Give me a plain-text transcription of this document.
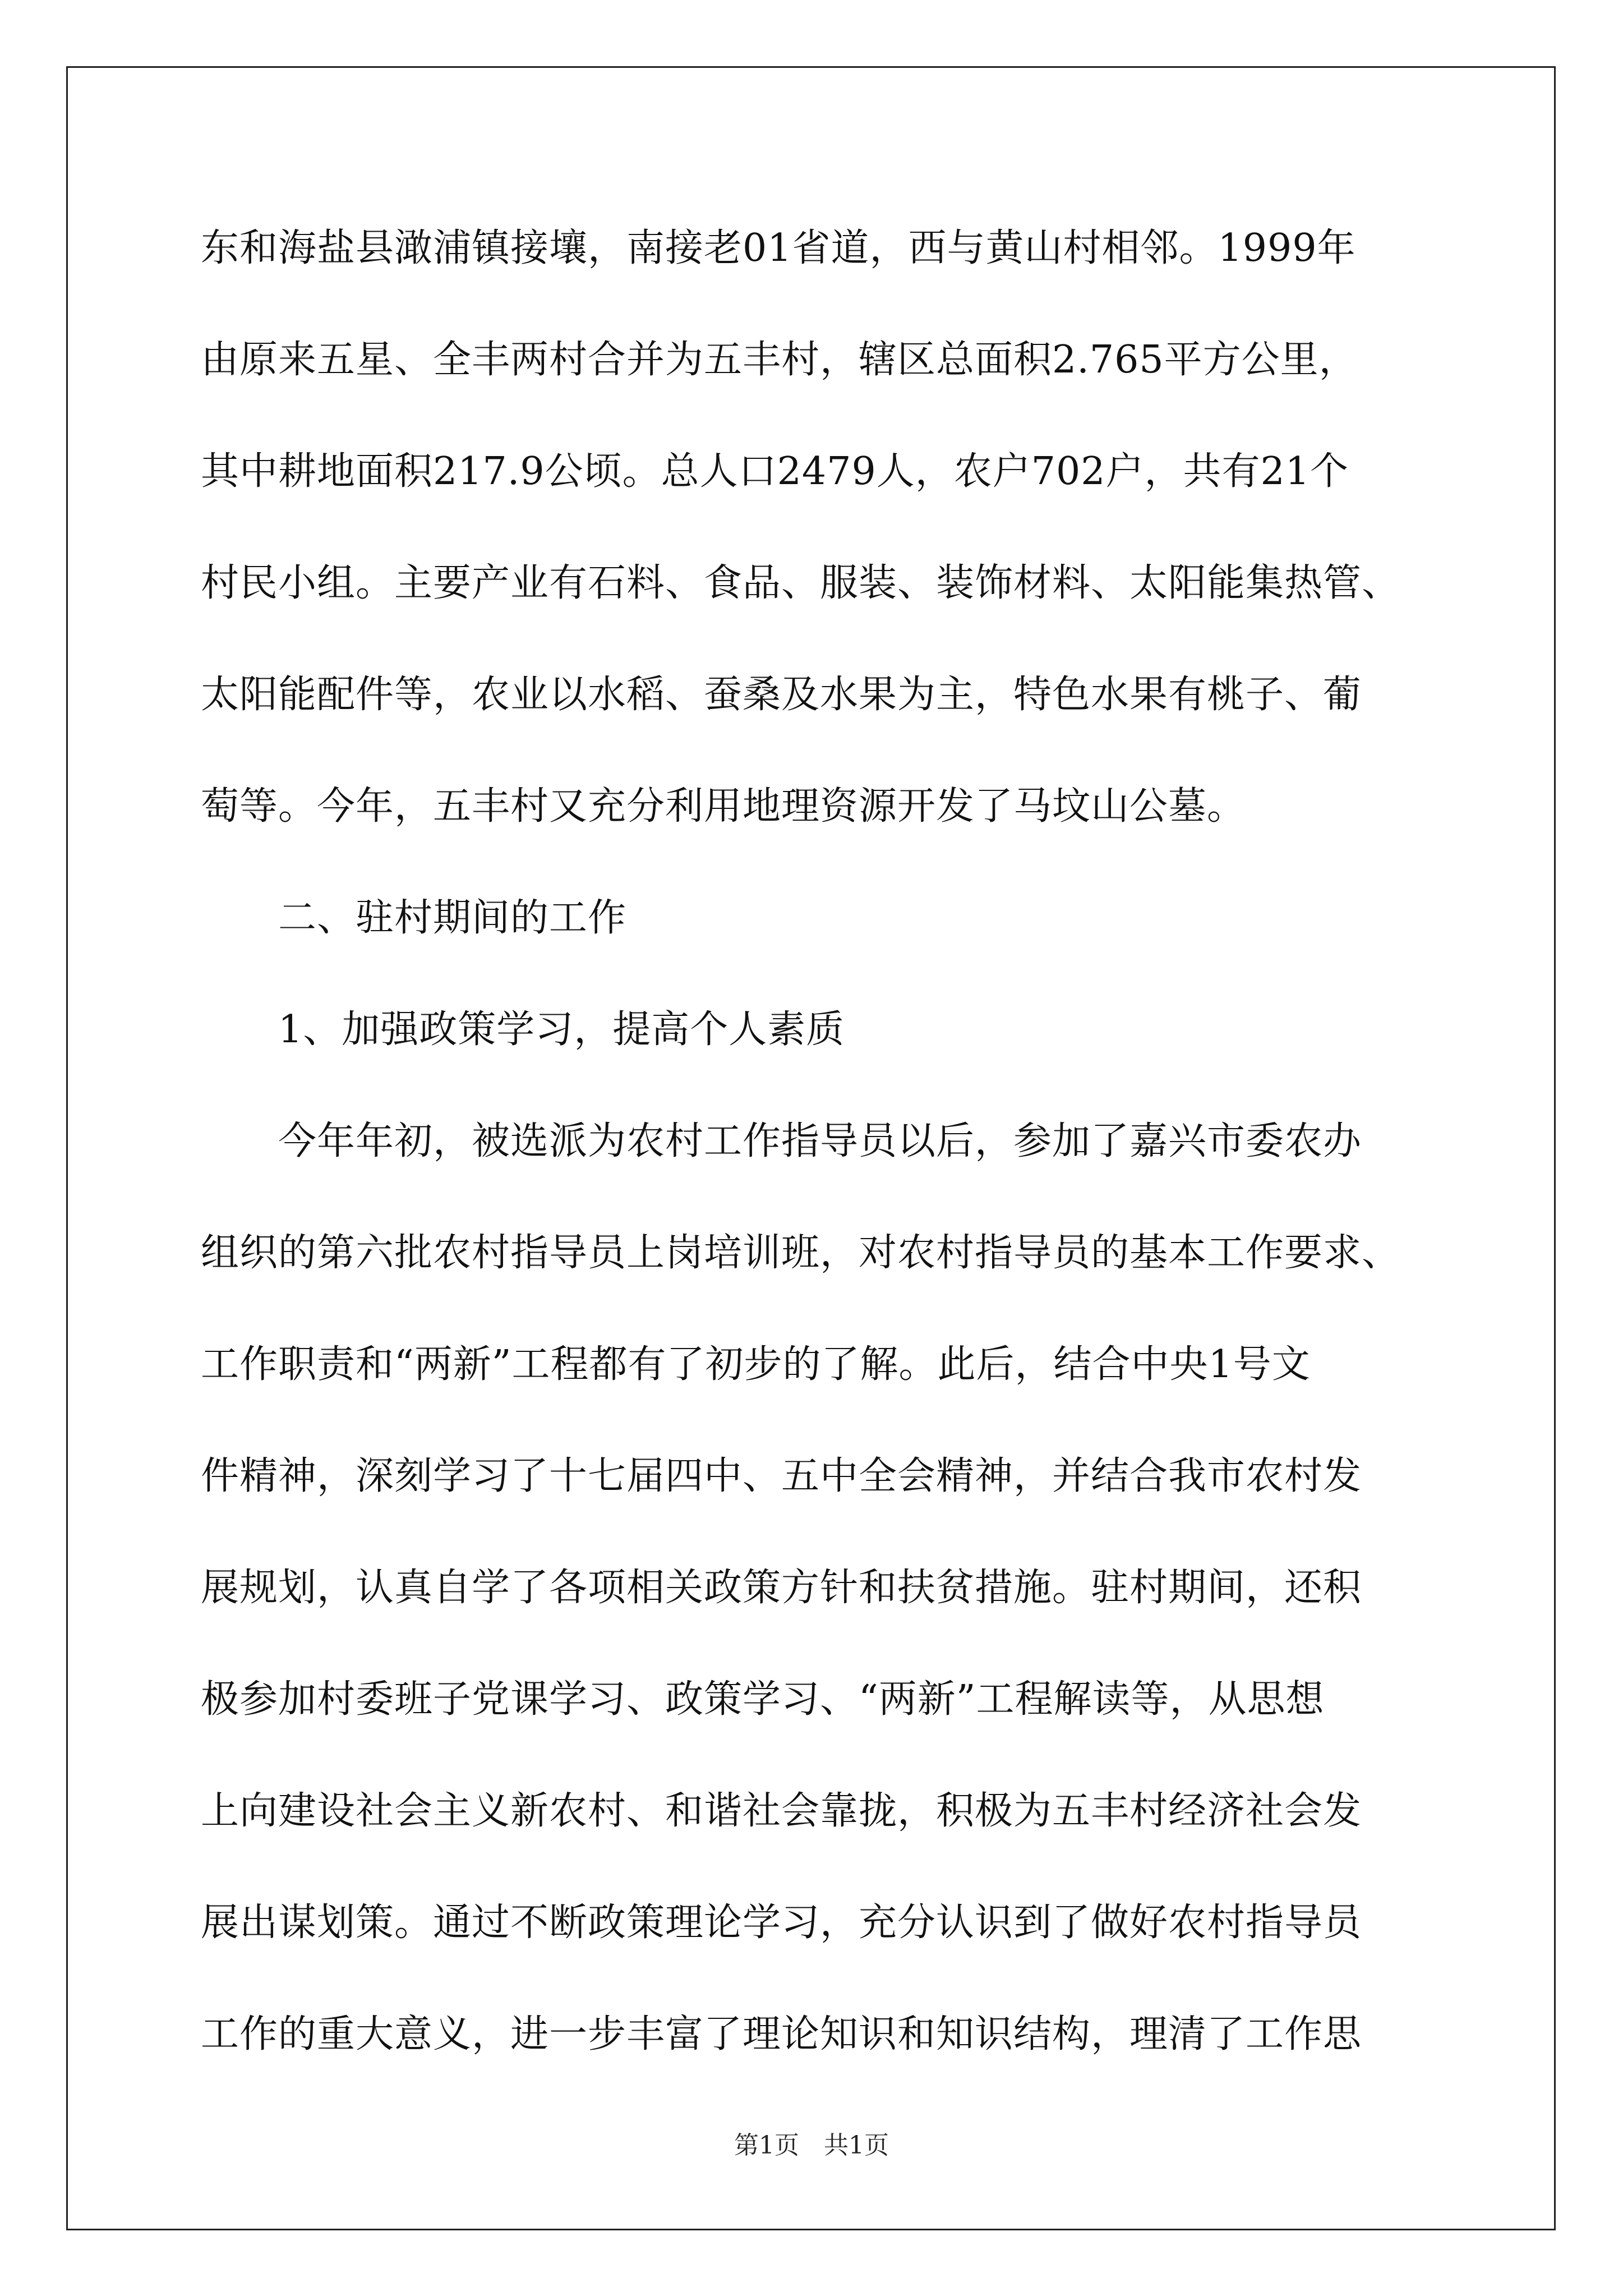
东和海盐县澉浦镇接壤，南接老01省道，西与黄山村相邻。1999年
由原来五星、全丰两村合并为五丰村，辖区总面积2.765平方公里，
其中耕地面积217.9公顷。总人口2479人，农户702户，共有21个
村民小组。主要产业有石料、食品、服装、装饰材料、太阳能集热管、
太阳能配件等，农业以水稻、蚕桑及水果为主，特色水果有桃子、葡
萄等。今年，五丰村又充分利用地理资源开发了马坟山公墓。
　　二、驻村期间的工作
　　1、加强政策学习，提高个人素质
　　今年年初，被选派为农村工作指导员以后，参加了嘉兴市委农办
组织的第六批农村指导员上岗培训班，对农村指导员的基本工作要求、
工作职责和“两新”工程都有了初步的了解。此后，结合中央1号文
件精神，深刻学习了十七届四中、五中全会精神，并结合我市农村发
展规划，认真自学了各项相关政策方针和扶贫措施。驻村期间，还积
极参加村委班子党课学习、政策学习、“两新”工程解读等，从思想
上向建设社会主义新农村、和谐社会靠拢，积极为五丰村经济社会发
展出谋划策。通过不断政策理论学习，充分认识到了做好农村指导员
工作的重大意义，进一步丰富了理论知识和知识结构，理清了工作思
第1页　共1页
